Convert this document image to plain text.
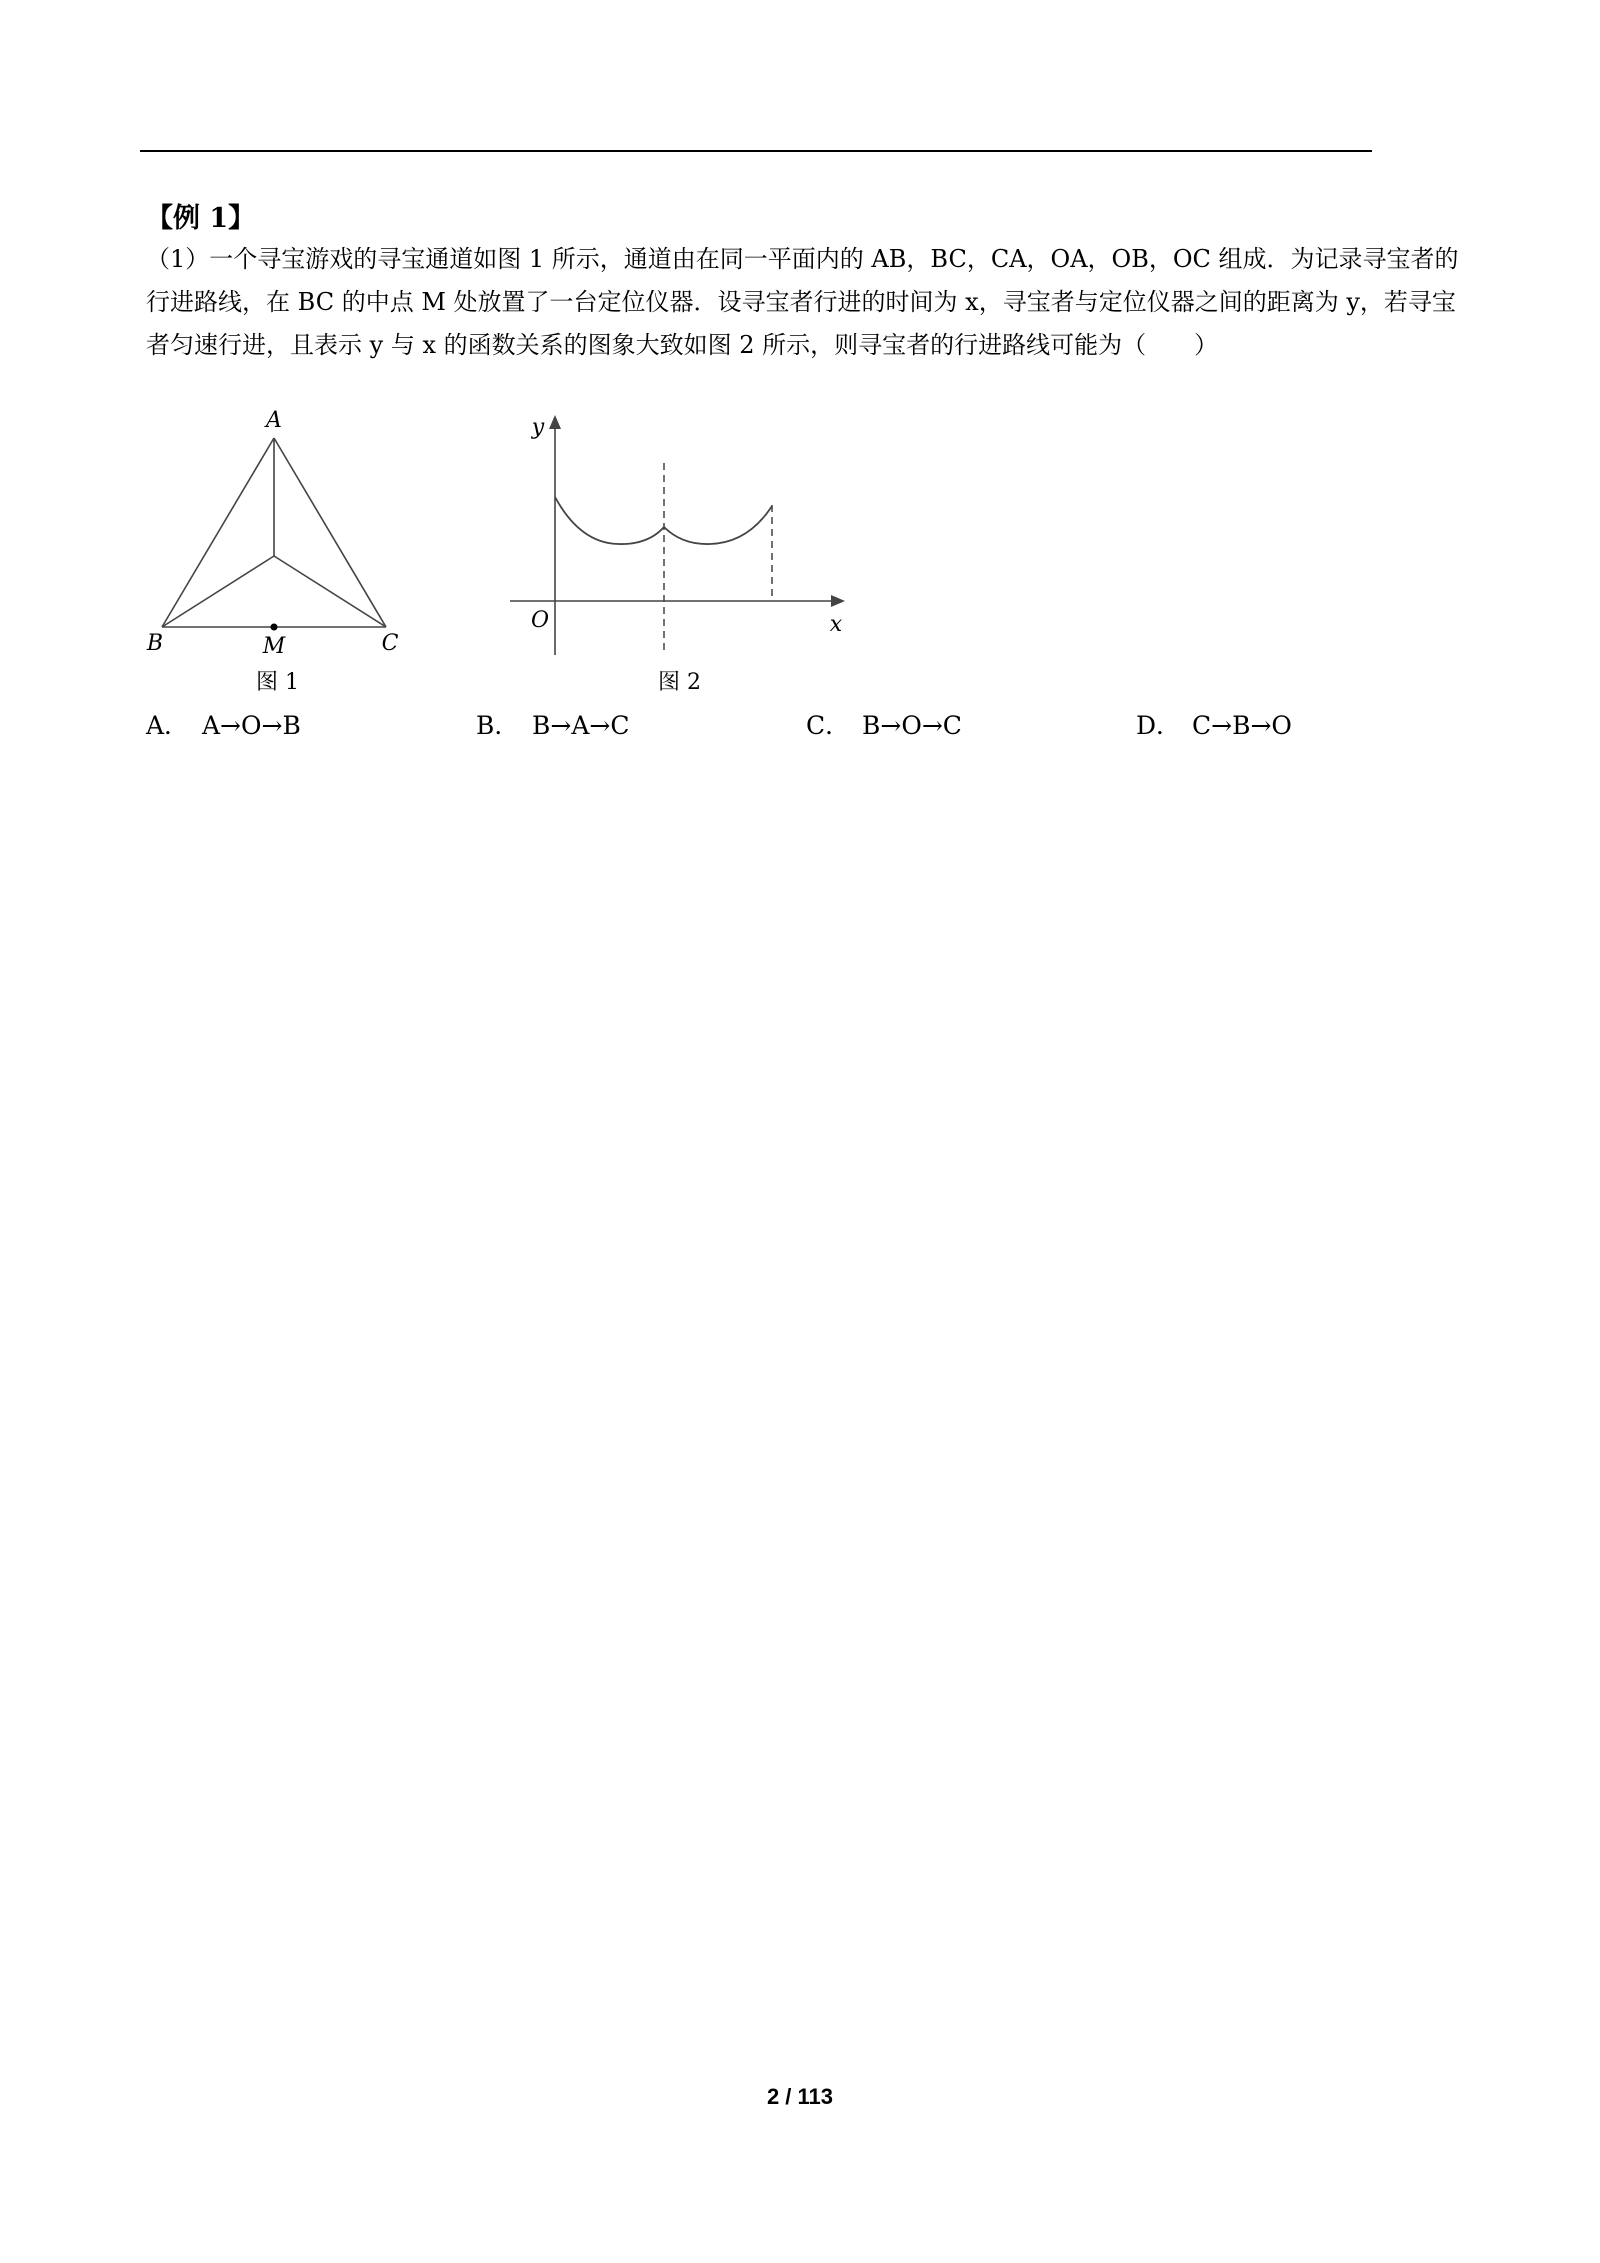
【例 1】
（1）一个寻宝游戏的寻宝通道如图 1 所示，通道由在同一平面内的 AB，BC，CA，OA，OB，OC 组成．为记录寻宝者的行进路线，在 BC 的中点 M 处放置了一台定位仪器．设寻宝者行进的时间为 x，寻宝者与定位仪器之间的距离为 y，若寻宝者匀速行进，且表示 y 与 x 的函数关系的图象大致如图 2 所示，则寻宝者的行进路线可能为（　　）
A
B	C
M
图 1
y
x
O
图 2
A． A→O→B	B． B→A→C	C． B→O→C	D． C→B→O
2 / 113
